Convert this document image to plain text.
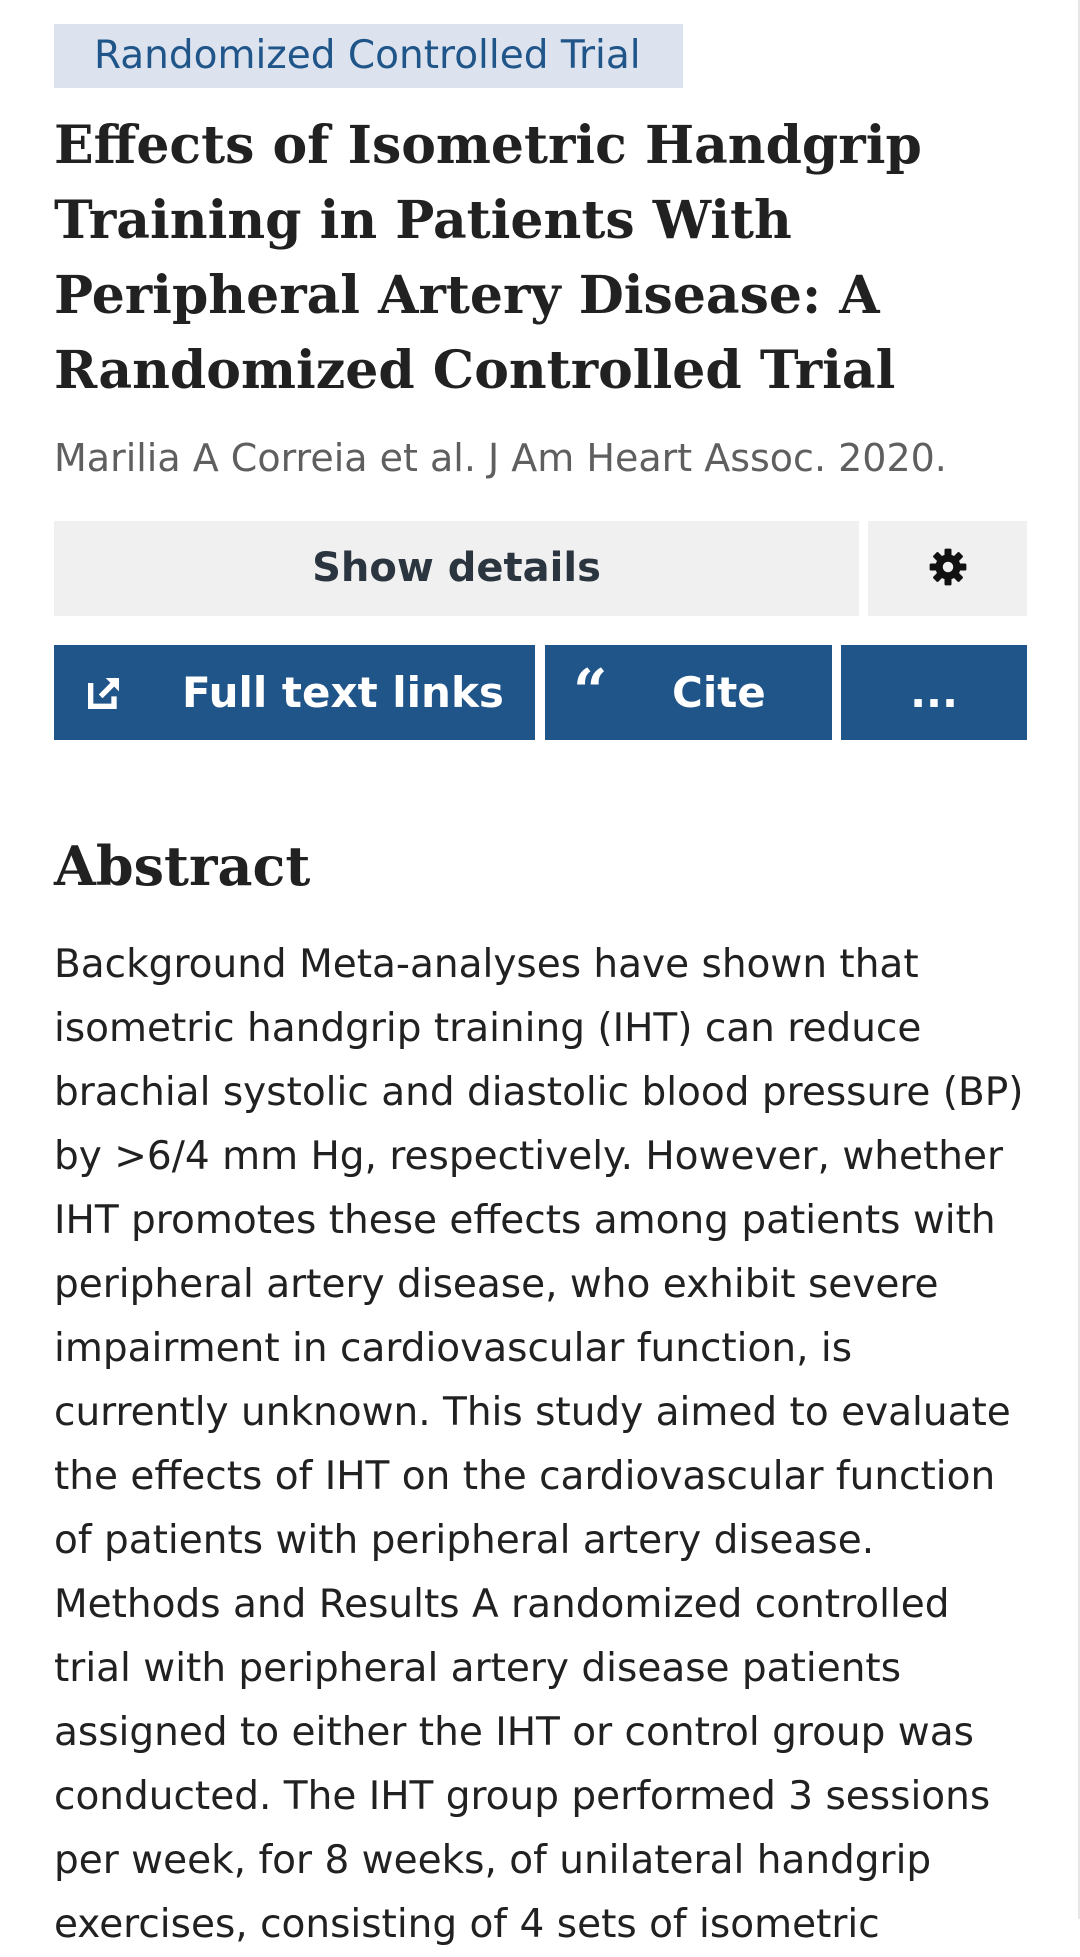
Randomized Controlled Trial
Effects of Isometric Handgrip Training in Patients With Peripheral Artery Disease: A Randomized Controlled Trial
Marilia A Correia et al. J Am Heart Assoc. 2020.
Show details
Full text links “ Cite	...
Abstract
Background Meta-analyses have shown that
isometric handgrip training (IHT) can reduce
brachial systolic and diastolic blood pressure (BP)
by >6/4 mm Hg, respectively. However, whether
IHT promotes these effects among patients with
peripheral artery disease, who exhibit severe
impairment in cardiovascular function, is
currently unknown. This study aimed to evaluate
the effects of IHT on the cardiovascular function
of patients with peripheral artery disease.
Methods and Results A randomized controlled
trial with peripheral artery disease patients
assigned to either the IHT or control group was
conducted. The IHT group performed 3 sessions
per week, for 8 weeks, of unilateral handgrip
exercises, consisting of 4 sets of isometric
